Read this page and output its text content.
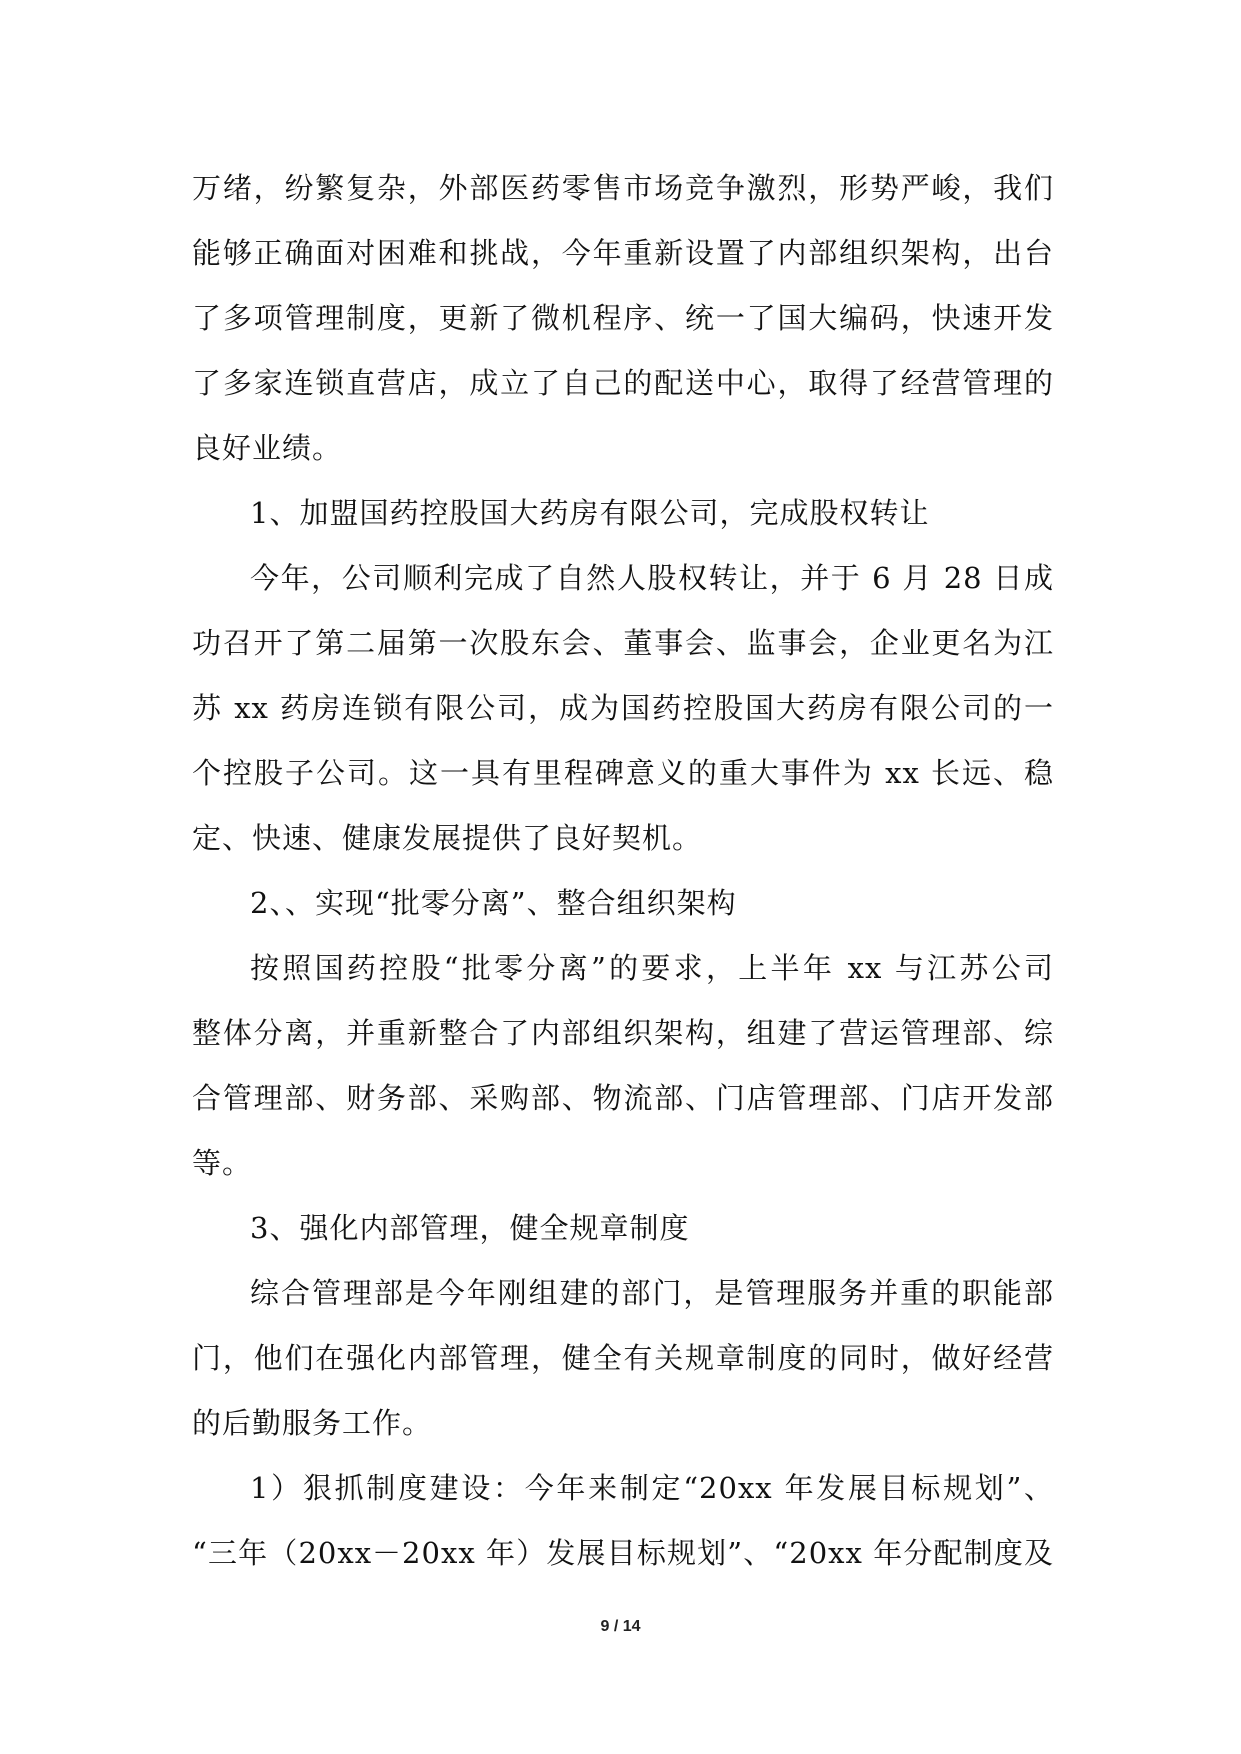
万绪，纷繁复杂，外部医药零售市场竞争激烈，形势严峻，我们
能够正确面对困难和挑战，今年重新设置了内部组织架构，出台
了多项管理制度，更新了微机程序、统一了国大编码，快速开发
了多家连锁直营店，成立了自己的配送中心，取得了经营管理的
良好业绩。
1、加盟国药控股国大药房有限公司，完成股权转让
今年，公司顺利完成了自然人股权转让，并于 6 月 28 日成
功召开了第二届第一次股东会、董事会、监事会，企业更名为江
苏 xx 药房连锁有限公司，成为国药控股国大药房有限公司的一
个控股子公司。这一具有里程碑意义的重大事件为 xx 长远、稳
定、快速、健康发展提供了良好契机。
2、、实现“批零分离”、整合组织架构
按照国药控股“批零分离”的要求，上半年 xx 与江苏公司
整体分离，并重新整合了内部组织架构，组建了营运管理部、综
合管理部、财务部、采购部、物流部、门店管理部、门店开发部
等。
3、强化内部管理，健全规章制度
综合管理部是今年刚组建的部门，是管理服务并重的职能部
门，他们在强化内部管理，健全有关规章制度的同时，做好经营
的后勤服务工作。
1）狠抓制度建设：今年来制定“20xx 年发展目标规划”、
“三年（20xx－20xx 年）发展目标规划”、“20xx 年分配制度及
9 / 14
